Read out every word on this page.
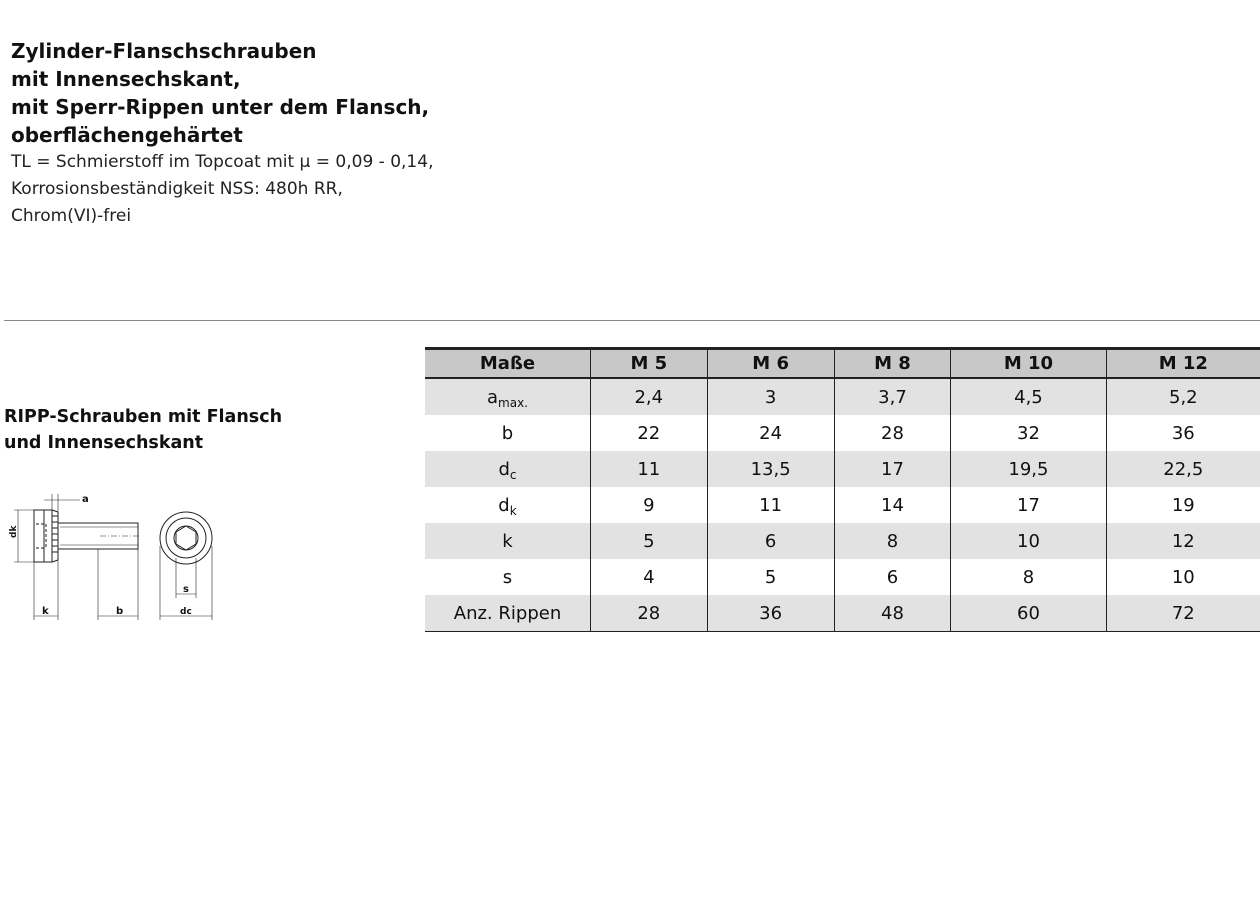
Zylinder-Flanschschrauben
mit Innensechskant,
mit Sperr-Rippen unter dem Flansch,
oberflächengehärtet

TL = Schmierstoff im Topcoat mit μ = 0,09 - 0,14,
Korrosionsbeständigkeit NSS: 480h RR,
Chrom(VI)-frei

RIPP-Schrauben mit Flansch
und Innensechskant
a
k	b
s
dc
dk
Maße	M 5	M 6	M 8	M 10	M 12
$a_{max.}$	2,4	3	3,7	4,5	5,2
b	22	24	28	32	36
$d_c$	11	13,5	17	19,5	22,5
$d_k$	9	11	14	17	19
k	5	6	8	10	12
s	4	5	6	8	10
Anz. Rippen	28	36	48	60	72
